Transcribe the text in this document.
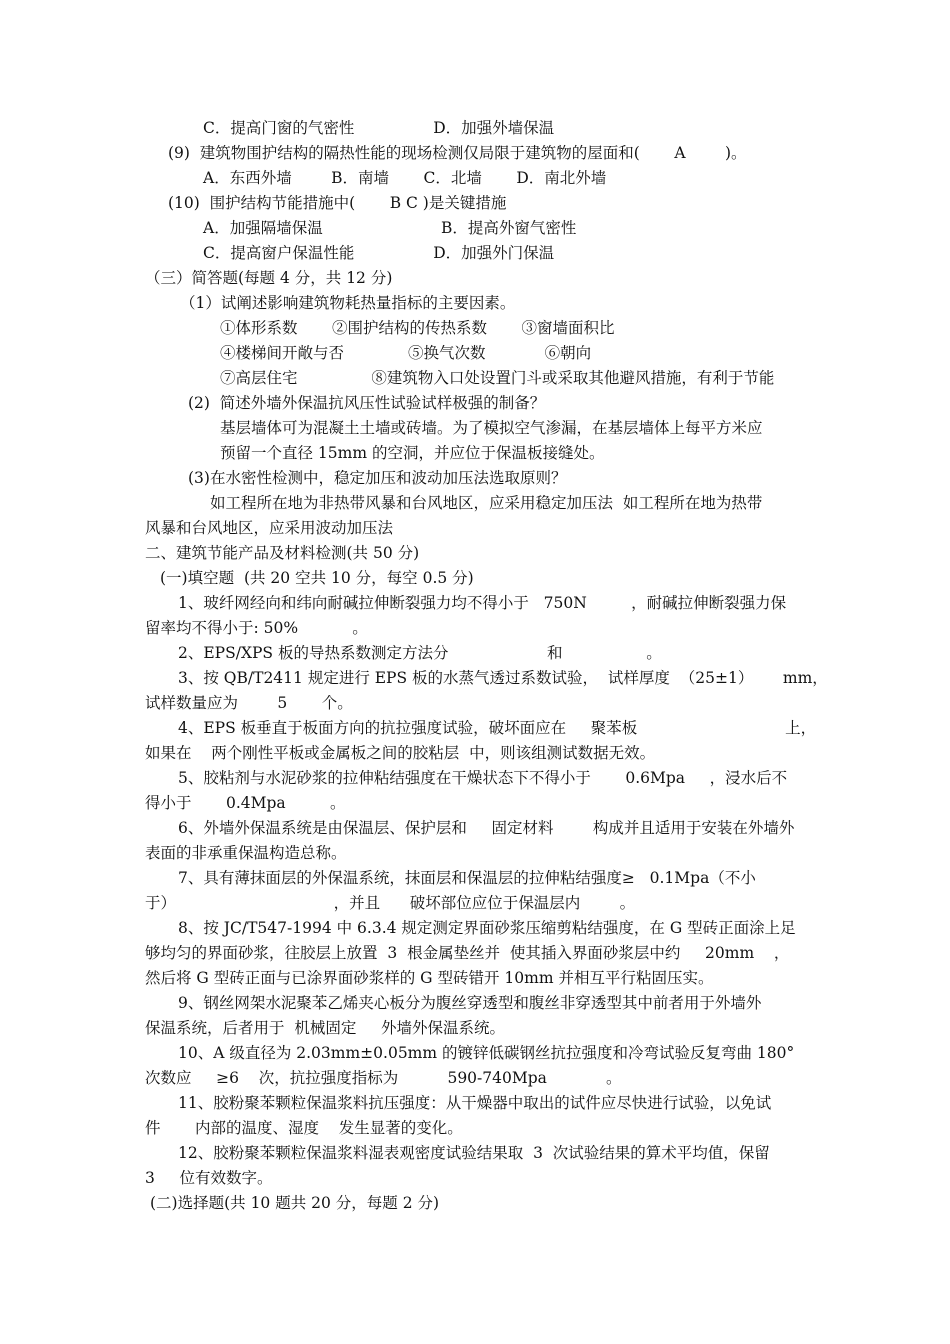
C．提高门窗的气密性                D．加强外墙保温
(9)  建筑物围护结构的隔热性能的现场检测仅局限于建筑物的屋面和(       A        )。
A．东西外墙        B．南墙       C．北墙       D．南北外墙
(10)  围护结构节能措施中(       B C )是关键措施
A．加强隔墙保温                        B．提高外窗气密性
C．提高窗户保温性能                D．加强外门保温
（三）简答题(每题 4 分，共 12 分)
（1）试阐述影响建筑物耗热量指标的主要因素。
①体形系数       ②围护结构的传热系数       ③窗墙面积比
④楼梯间开敞与否             ⑤换气次数            ⑥朝向
⑦高层住宅               ⑧建筑物入口处设置门斗或采取其他避风措施，有利于节能
(2)  简述外墙外保温抗风压性试验试样极强的制备？
基层墙体可为混凝土土墙或砖墙。为了模拟空气渗漏，在基层墙体上每平方米应
预留一个直径 15mm 的空洞，并应位于保温板接缝处。
(3)在水密性检测中，稳定加压和波动加压法选取原则？
如工程所在地为非热带风暴和台风地区，应采用稳定加压法  如工程所在地为热带
风暴和台风地区，应采用波动加压法
二、建筑节能产品及材料检测(共 50 分)
(一)填空题  (共 20 空共 10 分，每空 0.5 分)
1、玻纤网经向和纬向耐碱拉伸断裂强力均不得小于   750N         ，耐碱拉伸断裂强力保
留率均不得小于: 50%           。
2、EPS/XPS 板的导热系数测定方法分                    和                 。
3、按 QB/T2411 规定进行 EPS 板的水蒸气透过系数试验，  试样厚度  （25±1）      mm，
试样数量应为        5       个。
4、EPS 板垂直于板面方向的抗拉强度试验，破坏面应在     聚苯板                              上，
如果在    两个刚性平板或金属板之间的胶粘层  中，则该组测试数据无效。
5、胶粘剂与水泥砂浆的拉伸粘结强度在干燥状态下不得小于       0.6Mpa     ，浸水后不
得小于       0.4Mpa         。
6、外墙外保温系统是由保温层、保护层和     固定材料        构成并且适用于安装在外墙外
表面的非承重保温构造总称。
7、具有薄抹面层的外保温系统，抹面层和保温层的拉伸粘结强度≥   0.1Mpa（不小
于）                                ，并且      破坏部位应位于保温层内        。
8、按 JC/T547-1994 中 6.3.4 规定测定界面砂浆压缩剪粘结强度，在 G 型砖正面涂上足
够均匀的界面砂浆，往胶层上放置  3  根金属垫丝并  使其插入界面砂浆层中约     20mm    ，
然后将 G 型砖正面与已涂界面砂浆样的 G 型砖错开 10mm 并相互平行粘固压实。
9、钢丝网架水泥聚苯乙烯夹心板分为腹丝穿透型和腹丝非穿透型其中前者用于外墙外
保温系统，后者用于  机械固定     外墙外保温系统。
10、A 级直径为 2.03mm±0.05mm 的镀锌低碳钢丝抗拉强度和冷弯试验反复弯曲 180°
次数应     ≥6    次，抗拉强度指标为          590-740Mpa            。
11、胶粉聚苯颗粒保温浆料抗压强度：从干燥器中取出的试件应尽快进行试验，以免试
件       内部的温度、湿度    发生显著的变化。
12、胶粉聚苯颗粒保温浆料湿表观密度试验结果取  3  次试验结果的算术平均值，保留
3     位有效数字。
(二)选择题(共 10 题共 20 分，每题 2 分)
